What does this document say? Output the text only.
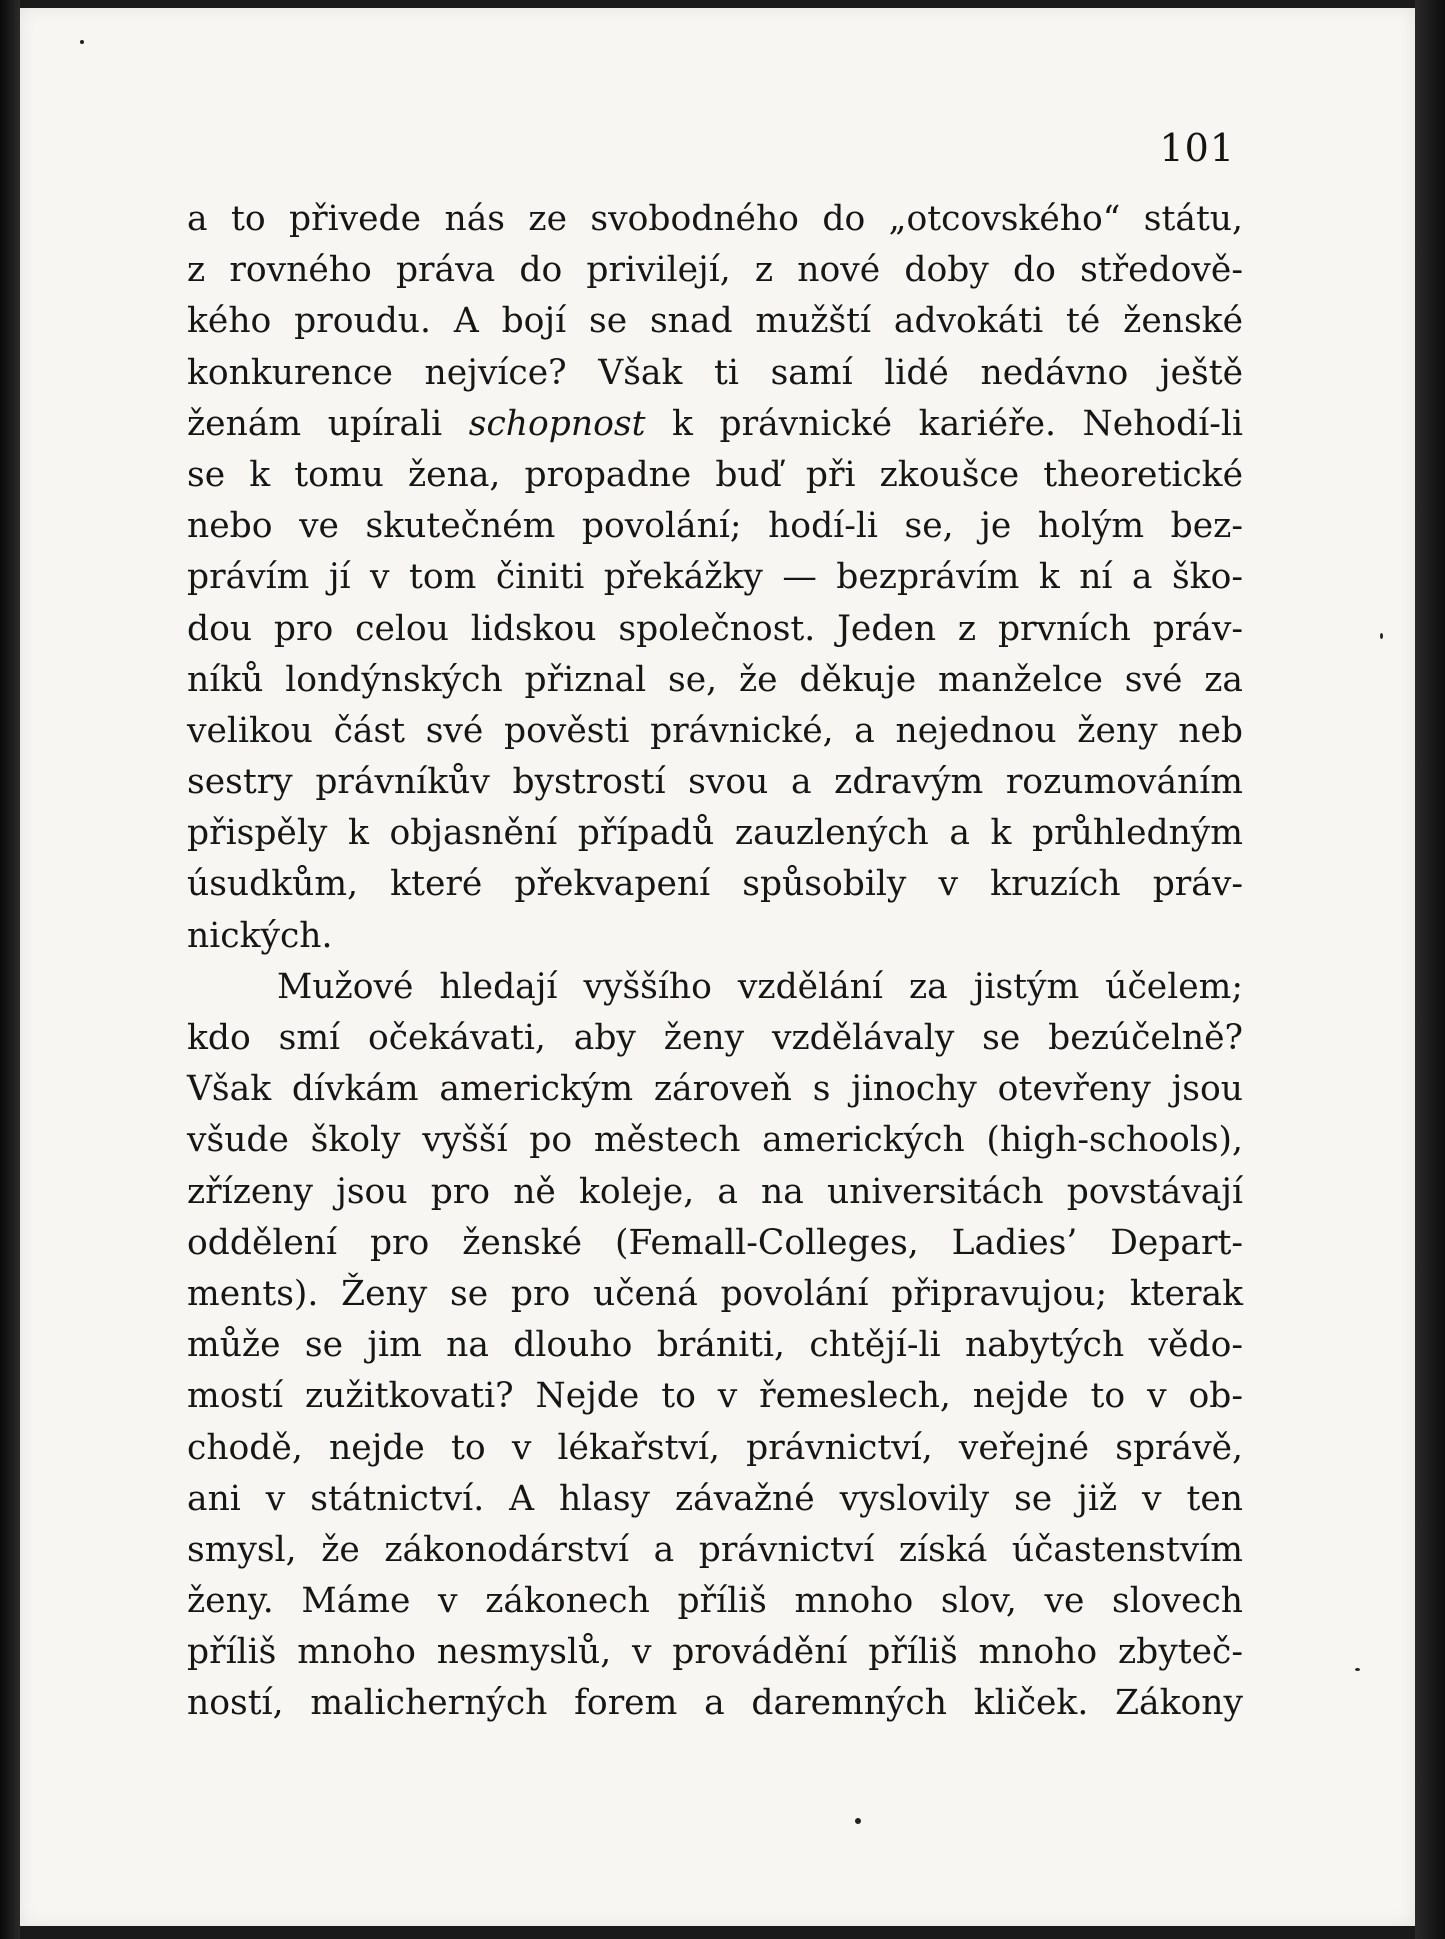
101
a to přivede nás ze svobodného do „otcovského“ státu,
z rovného práva do privilejí, z nové doby do středově-
kého proudu. A bojí se snad mužští advokáti té ženské
konkurence nejvíce? Však ti samí lidé nedávno ještě
ženám upírali schopnost k právnické kariéře. Nehodí-li
se k tomu žena, propadne buď při zkoušce theoretické
nebo ve skutečném povolání; hodí-li se, je holým bez-
právím jí v tom činiti překážky — bezprávím k ní a ško-
dou pro celou lidskou společnost. Jeden z prvních práv-
níků londýnských přiznal se, že děkuje manželce své za
velikou část své pověsti právnické, a nejednou ženy neb
sestry právníkův bystrostí svou a zdravým rozumováním
přispěly k objasnění případů zauzlených a k průhledným
úsudkům, které překvapení spůsobily v kruzích práv-
nických.
Mužové hledají vyššího vzdělání za jistým účelem;
kdo smí očekávati, aby ženy vzdělávaly se bezúčelně?
Však dívkám americkým zároveň s jinochy otevřeny jsou
všude školy vyšší po městech amerických (high-schools),
zřízeny jsou pro ně koleje, a na universitách povstávají
oddělení pro ženské (Femall-Colleges, Ladies’ Depart-
ments). Ženy se pro učená povolání připravujou; kterak
může se jim na dlouho brániti, chtějí-li nabytých vědo-
mostí zužitkovati? Nejde to v řemeslech, nejde to v ob-
chodě, nejde to v lékařství, právnictví, veřejné správě,
ani v státnictví. A hlasy závažné vyslovily se již v ten
smysl, že zákonodárství a právnictví získá účastenstvím
ženy. Máme v zákonech příliš mnoho slov, ve slovech
příliš mnoho nesmyslů, v provádění příliš mnoho zbyteč-
ností, malicherných forem a daremných kliček. Zákony
